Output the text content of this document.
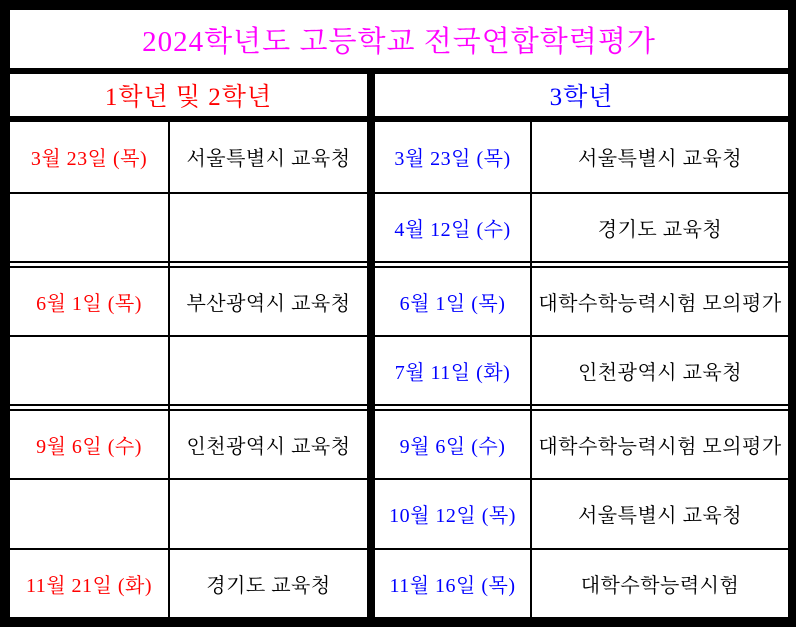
2024학년도 고등학교 전국연합학력평가			
1학년 및 2학년		3학년	
3월 23일 (목)	서울특별시 교육청	3월 23일 (목)	서울특별시 교육청
		4월 12일 (수)	경기도 교육청

6월 1일 (목)	부산광역시 교육청	6월 1일 (목)	대학수학능력시험 모의평가
		7월 11일 (화)	인천광역시 교육청

9월 6일 (수)	인천광역시 교육청	9월 6일 (수)	대학수학능력시험 모의평가
		10월 12일 (목)	서울특별시 교육청
11월 21일 (화)	경기도 교육청	11월 16일 (목)	대학수학능력시험
